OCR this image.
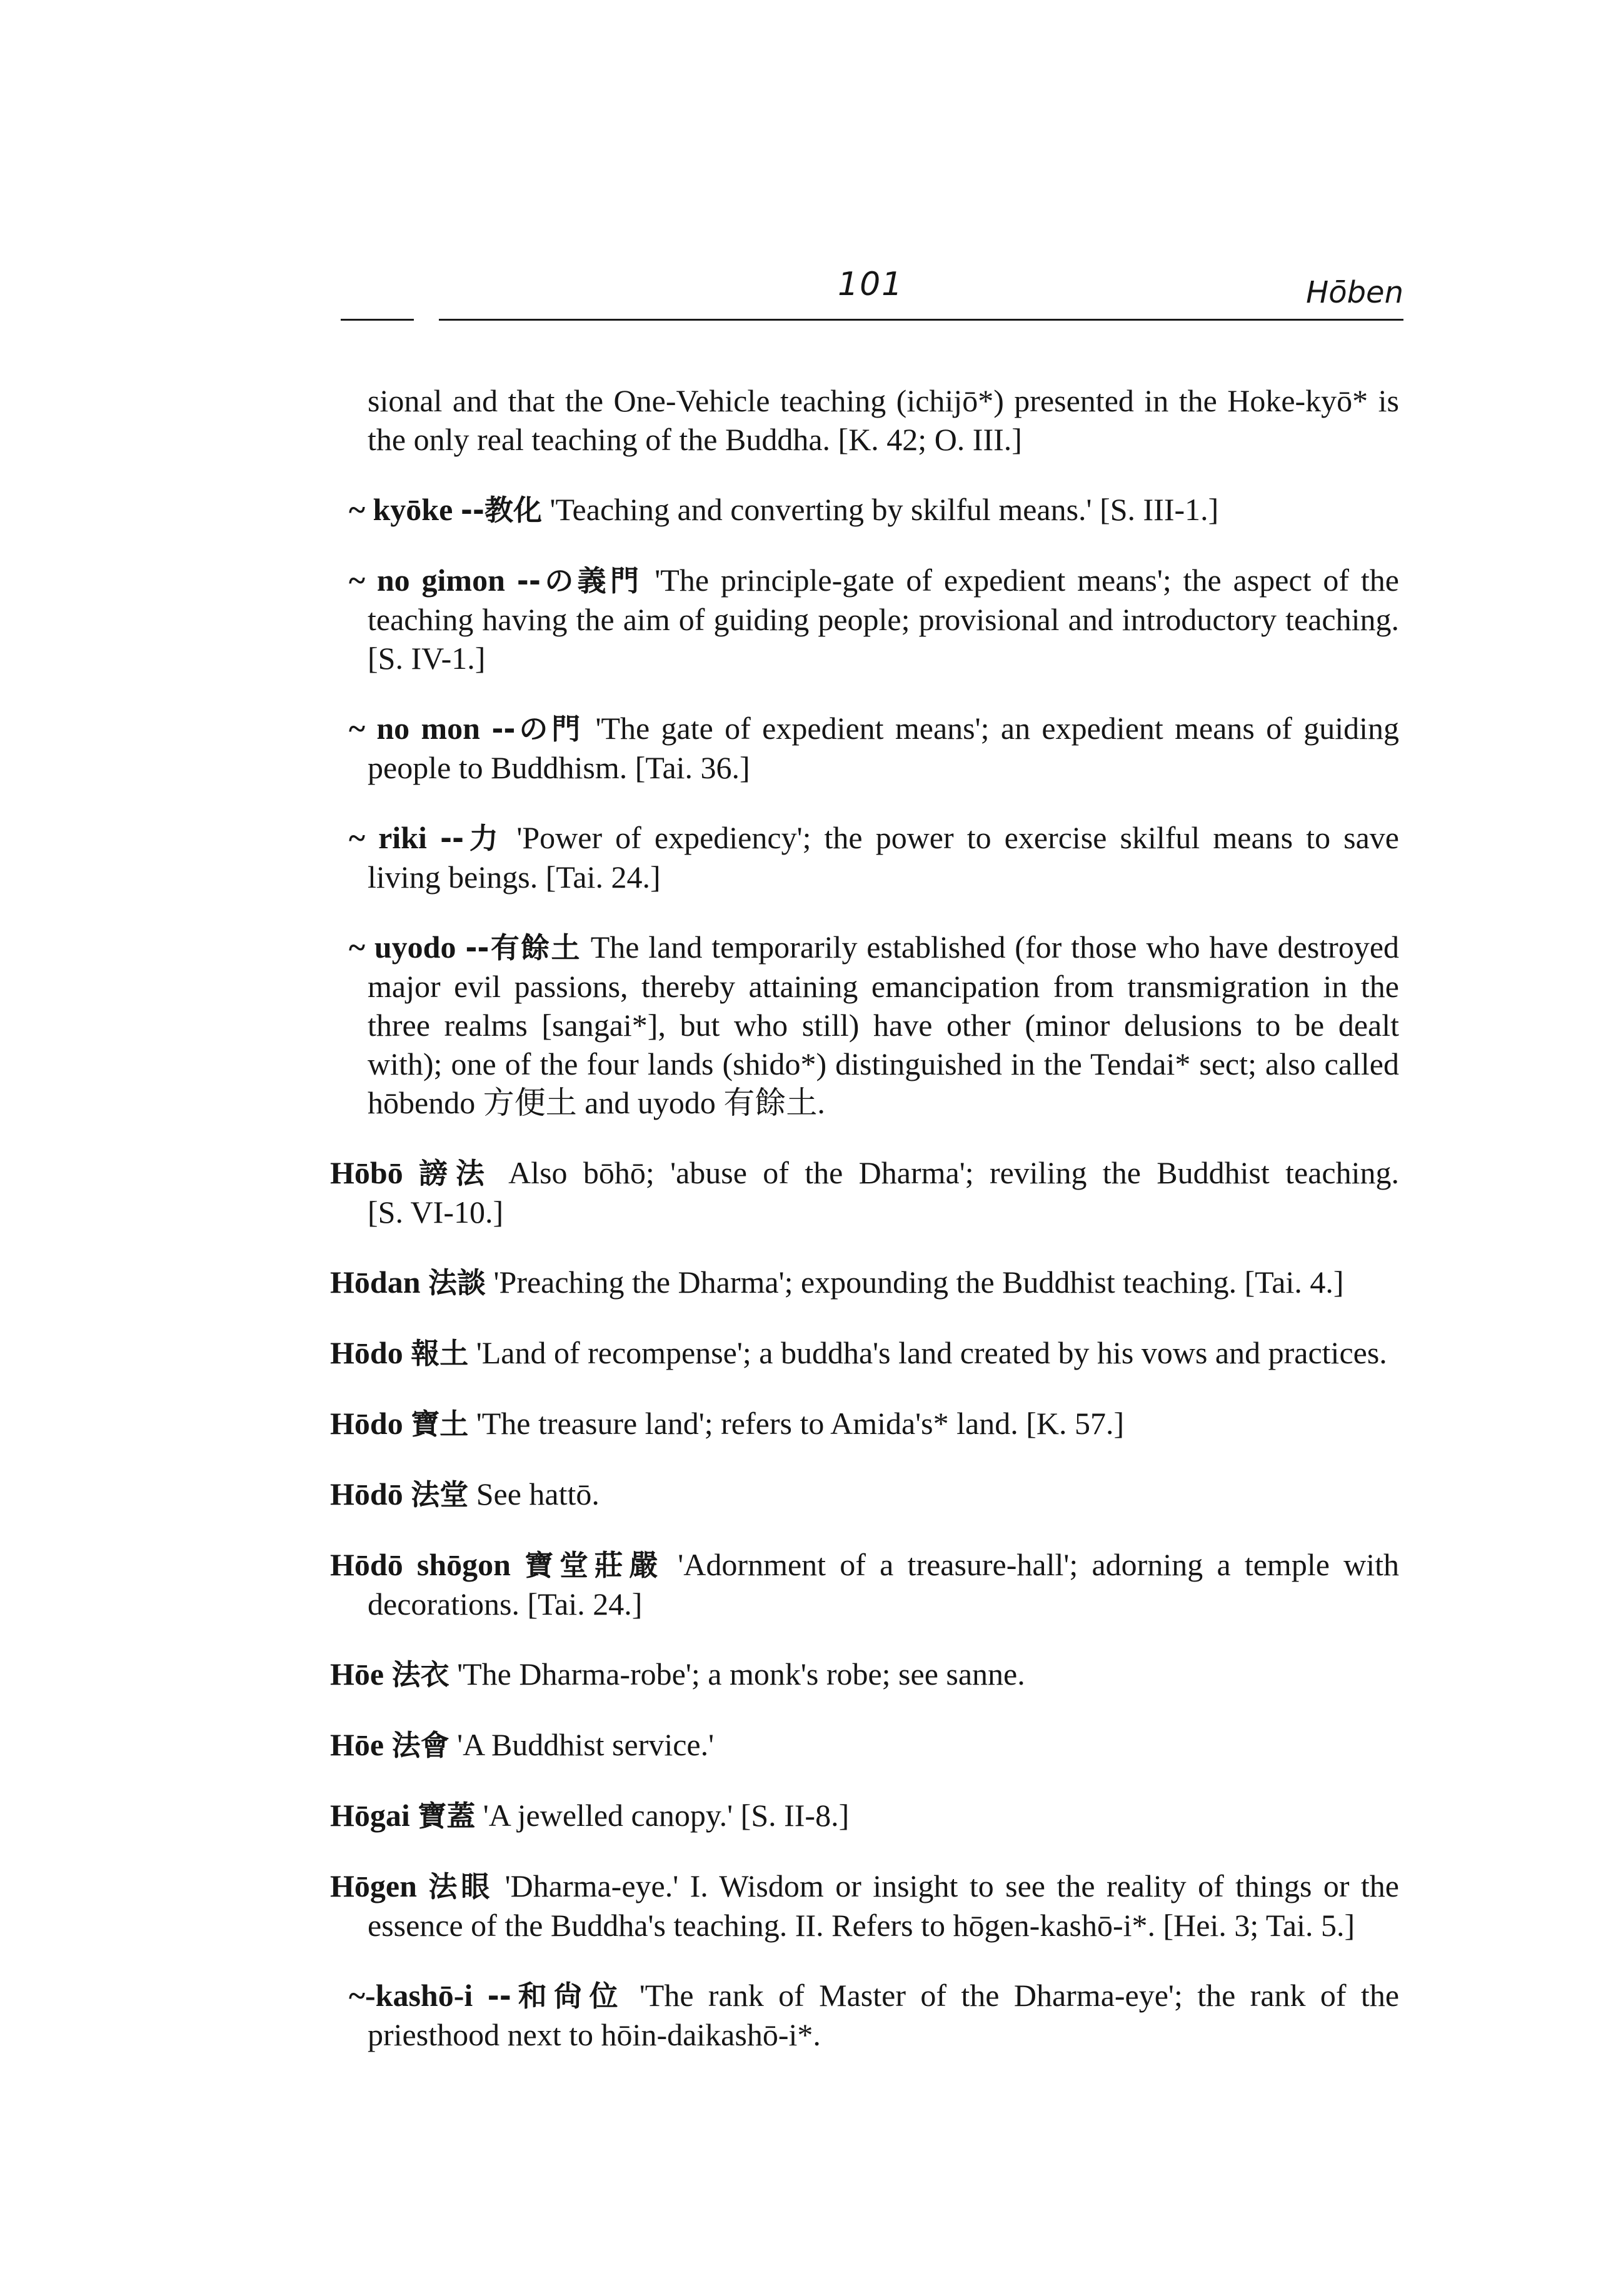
101	Hōben

sional and that the One-Vehicle teaching (ichijō*) presented in the Hoke-kyō* is the only real teaching of the Buddha. [K. 42; O. III.]

~ kyōke --教化 'Teaching and converting by skilful means.' [S. III-1.]

~ no gimon --の義門 'The principle-gate of expedient means'; the aspect of the teaching having the aim of guiding people; provisional and introductory teaching. [S. IV-1.]

~ no mon --の門 'The gate of expedient means'; an expedient means of guiding people to Buddhism. [Tai. 36.]

~ riki --力 'Power of expediency'; the power to exercise skilful means to save living beings. [Tai. 24.]

~ uyodo --有餘土 The land temporarily established (for those who have destroyed major evil passions, thereby attaining emancipation from transmigration in the three realms [sangai*], but who still) have other (minor delusions to be dealt with); one of the four lands (shido*) distinguished in the Tendai* sect; also called hōbendo 方便土 and uyodo 有餘土.

Hōbō 謗法 Also bōhō; 'abuse of the Dharma'; reviling the Buddhist teaching. [S. VI-10.]

Hōdan 法談 'Preaching the Dharma'; expounding the Buddhist teaching. [Tai. 4.]

Hōdo 報土 'Land of recompense'; a buddha's land created by his vows and practices.

Hōdo 寶土 'The treasure land'; refers to Amida's* land. [K. 57.]

Hōdō 法堂 See hattō.

Hōdō shōgon 寶堂莊嚴 'Adornment of a treasure-hall'; adorning a temple with decorations. [Tai. 24.]

Hōe 法衣 'The Dharma-robe'; a monk's robe; see sanne.

Hōe 法會 'A Buddhist service.'

Hōgai 寶蓋 'A jewelled canopy.' [S. II-8.]

Hōgen 法眼 'Dharma-eye.' I. Wisdom or insight to see the reality of things or the essence of the Buddha's teaching. II. Refers to hōgen-kashō-i*. [Hei. 3; Tai. 5.]

~-kashō-i --和尙位 'The rank of Master of the Dharma-eye'; the rank of the priesthood next to hōin-daikashō-i*.
